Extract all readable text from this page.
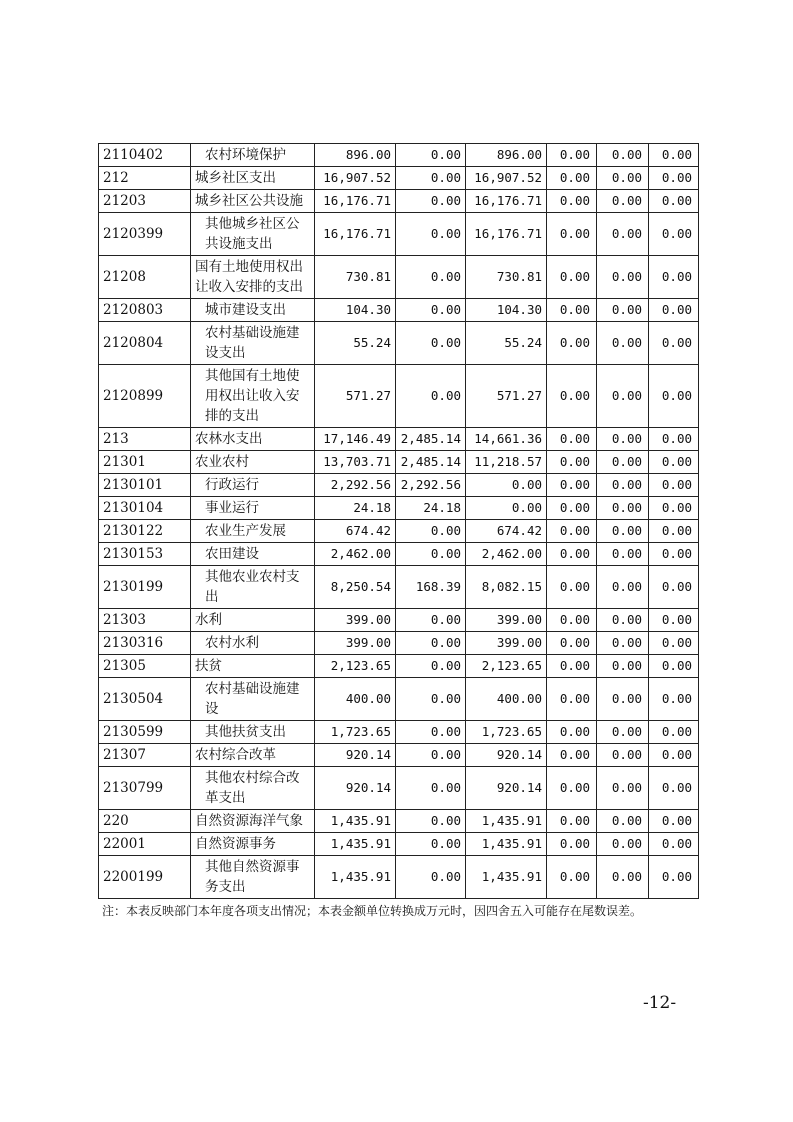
2110402	农村环境保护	896.00	0.00	896.00	0.00	0.00	0.00
212	城乡社区支出	16,907.52	0.00	16,907.52	0.00	0.00	0.00
21203	城乡社区公共设施	16,176.71	0.00	16,176.71	0.00	0.00	0.00
2120399	其他城乡社区公共设施支出	16,176.71	0.00	16,176.71	0.00	0.00	0.00
21208	国有土地使用权出让收入安排的支出	730.81	0.00	730.81	0.00	0.00	0.00
2120803	城市建设支出	104.30	0.00	104.30	0.00	0.00	0.00
2120804	农村基础设施建设支出	55.24	0.00	55.24	0.00	0.00	0.00
2120899	其他国有土地使用权出让收入安排的支出	571.27	0.00	571.27	0.00	0.00	0.00
213	农林水支出	17,146.49	2,485.14	14,661.36	0.00	0.00	0.00
21301	农业农村	13,703.71	2,485.14	11,218.57	0.00	0.00	0.00
2130101	行政运行	2,292.56	2,292.56	0.00	0.00	0.00	0.00
2130104	事业运行	24.18	24.18	0.00	0.00	0.00	0.00
2130122	农业生产发展	674.42	0.00	674.42	0.00	0.00	0.00
2130153	农田建设	2,462.00	0.00	2,462.00	0.00	0.00	0.00
2130199	其他农业农村支出	8,250.54	168.39	8,082.15	0.00	0.00	0.00
21303	水利	399.00	0.00	399.00	0.00	0.00	0.00
2130316	农村水利	399.00	0.00	399.00	0.00	0.00	0.00
21305	扶贫	2,123.65	0.00	2,123.65	0.00	0.00	0.00
2130504	农村基础设施建设	400.00	0.00	400.00	0.00	0.00	0.00
2130599	其他扶贫支出	1,723.65	0.00	1,723.65	0.00	0.00	0.00
21307	农村综合改革	920.14	0.00	920.14	0.00	0.00	0.00
2130799	其他农村综合改革支出	920.14	0.00	920.14	0.00	0.00	0.00
220	自然资源海洋气象	1,435.91	0.00	1,435.91	0.00	0.00	0.00
22001	自然资源事务	1,435.91	0.00	1,435.91	0.00	0.00	0.00
2200199	其他自然资源事务支出	1,435.91	0.00	1,435.91	0.00	0.00	0.00
注：本表反映部门本年度各项支出情况；本表金额单位转换成万元时，因四舍五入可能存在尾数误差。
-12-
